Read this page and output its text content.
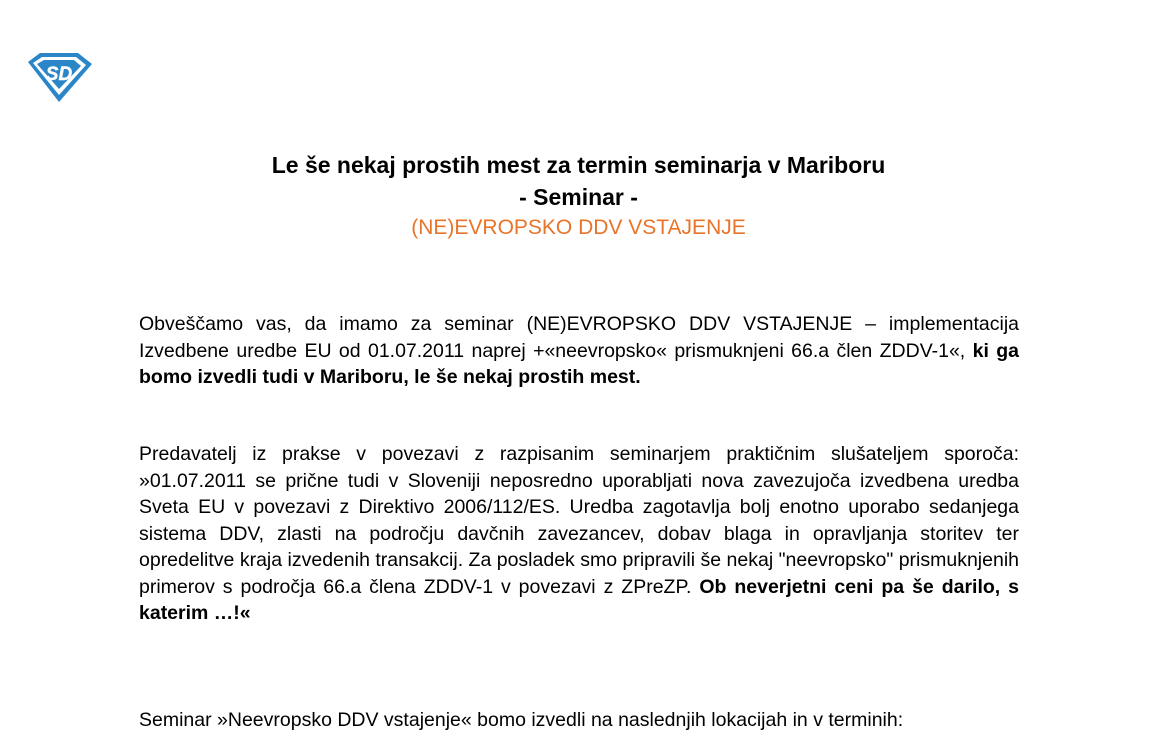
SD
Le še nekaj prostih mest za termin seminarja v Mariboru
- Seminar -
(NE)EVROPSKO DDV VSTAJENJE
Obveščamo vas, da imamo za seminar (NE)EVROPSKO DDV VSTAJENJE – implementacija Izvedbene uredbe EU od 01.07.2011 naprej +«neevropsko« prismuknjeni 66.a člen ZDDV-1«, ki ga bomo izvedli tudi v Mariboru, le še nekaj prostih mest.
Predavatelj iz prakse v povezavi z razpisanim seminarjem praktičnim slušateljem sporoča: »01.07.2011 se prične tudi v Sloveniji neposredno uporabljati nova zavezujoča izvedbena uredba Sveta EU v povezavi z Direktivo 2006/112/ES. Uredba zagotavlja bolj enotno uporabo sedanjega sistema DDV, zlasti na področju davčnih zavezancev, dobav blaga in opravljanja storitev ter opredelitve kraja izvedenih transakcij. Za posladek smo pripravili še nekaj "neevropsko" prismuknjenih primerov s področja 66.a člena ZDDV-1 v povezavi z ZPreZP. Ob neverjetni ceni pa še darilo, s katerim …!«
Seminar »Neevropsko DDV vstajenje« bomo izvedli na naslednjih lokacijah in v terminih:
